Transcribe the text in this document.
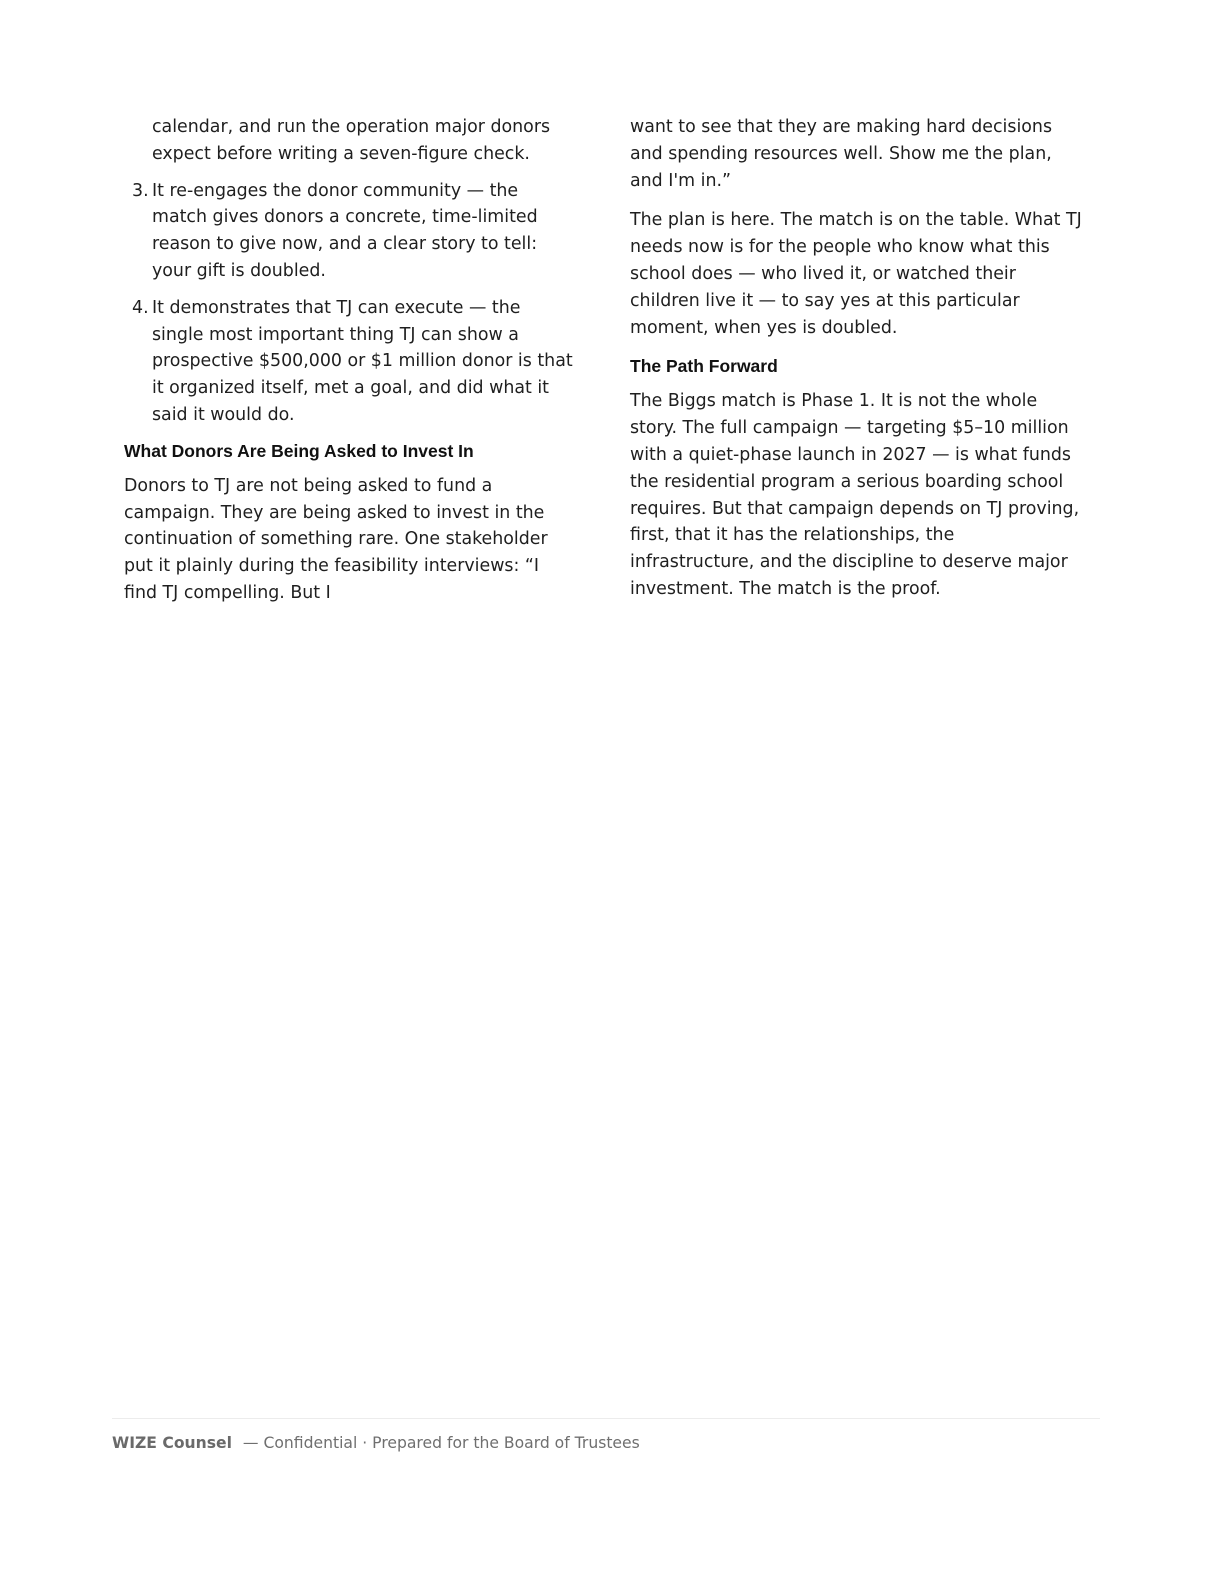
calendar, and run the operation major donors expect before writing a seven-figure check.
3. It re-engages the donor community — the match gives donors a concrete, time-limited reason to give now, and a clear story to tell: your gift is doubled.
4. It demonstrates that TJ can execute — the single most important thing TJ can show a prospective $500,000 or $1 million donor is that it organized itself, met a goal, and did what it said it would do.
What Donors Are Being Asked to Invest In

Donors to TJ are not being asked to fund a campaign. They are being asked to invest in the continuation of something rare. One stakeholder put it plainly during the feasibility interviews: “I find TJ compelling. But I

want to see that they are making hard decisions and spending resources well. Show me the plan, and I'm in.”

The plan is here. The match is on the table. What TJ needs now is for the people who know what this school does — who lived it, or watched their children live it — to say yes at this particular moment, when yes is doubled.

The Path Forward

The Biggs match is Phase 1. It is not the whole story. The full campaign — targeting $5–10 million with a quiet-phase launch in 2027 — is what funds the residential program a serious boarding school requires. But that campaign depends on TJ proving, first, that it has the relationships, the infrastructure, and the discipline to deserve major investment. The match is the proof.

WIZE Counsel — Confidential · Prepared for the Board of Trustees
